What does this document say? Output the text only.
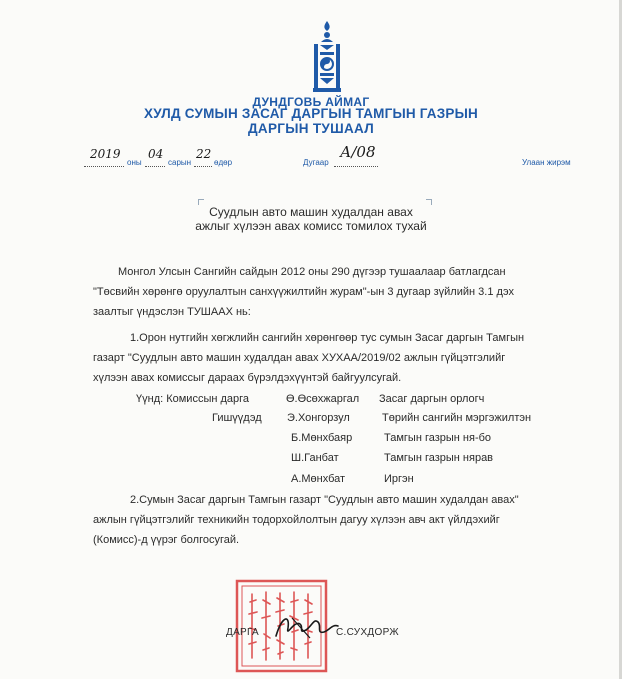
ДУНДГОВЬ АЙМАГ
ХУЛД СУМЫН ЗАСАГ ДАРГЫН ТАМГЫН ГАЗРЫН
ДАРГЫН ТУШААЛ
2019
оны
04
сарын
22
өдөр	Дугаар
А/08
Улаан жирэм
Суудлын авто машин худалдан авах
ажлыг хүлээн авах комисс томилох тухай
Монгол Улсын Сангийн сайдын 2012 оны 290 дүгээр тушаалаар батлагдсан
"Төсвийн хөрөнгө оруулалтын санхүүжилтийн журам"-ын 3 дугаар зүйлийн 3.1 дэх
заалтыг үндэслэн ТУШААХ нь:
1.Орон нутгийн хөгжлийн сангийн хөрөнгөөр тус сумын Засаг даргын Тамгын
газарт "Суудлын авто машин худалдан авах ХУХАА/2019/02 ажлын гүйцэтгэлийг
хүлээн авах комиссыг дараах бүрэлдэхүүнтэй байгуулсугай.
Үүнд: Комиссын дарга	Ө.Өсөхжаргал Засаг даргын орлогч
Гишүүдэд Э.Хонгорзул	Төрийн сангийн мэргэжилтэн
Б.Мөнхбаяр	Тамгын газрын ня-бо
Ш.Ганбат	Тамгын газрын нярав
А.Мөнхбат	Иргэн
2.Сумын Засаг даргын Тамгын газарт "Суудлын авто машин худалдан авах"
ажлын гүйцэтгэлийг техникийн тодорхойлолтын дагуу хүлээн авч акт үйлдэхийг
(Комисс)-д үүрэг болгосугай.
ДАРГА	С.СУХДОРЖ
